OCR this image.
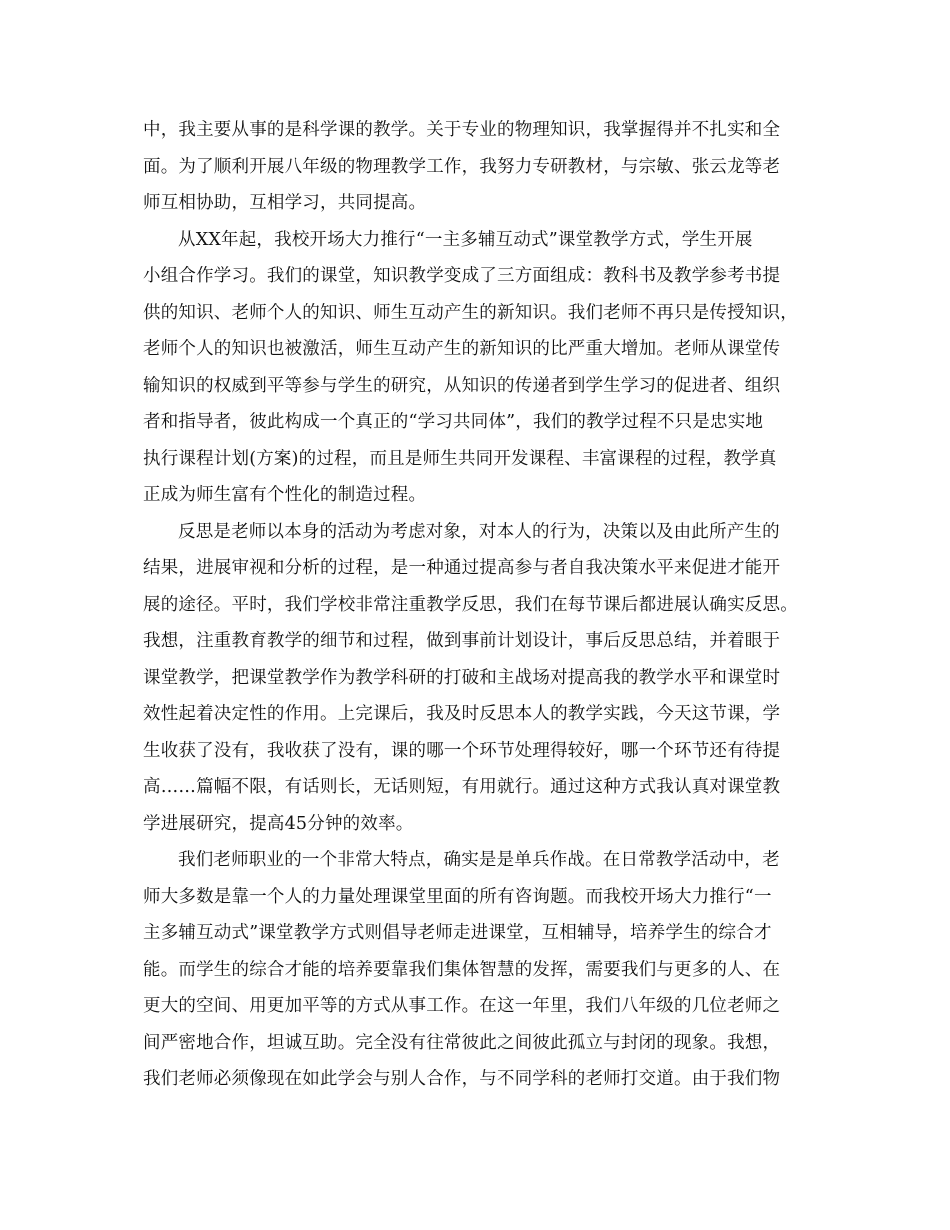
中，我主要从事的是科学课的教学。关于专业的物理知识，我掌握得并不扎实和全
面。为了顺利开展八年级的物理教学工作，我努力专研教材，与宗敏、张云龙等老
师互相协助，互相学习，共同提高。
从XX年起，我校开场大力推行“一主多辅互动式”课堂教学方式，学生开展
小组合作学习。我们的课堂，知识教学变成了三方面组成：教科书及教学参考书提
供的知识、老师个人的知识、师生互动产生的新知识。我们老师不再只是传授知识，
老师个人的知识也被激活，师生互动产生的新知识的比严重大增加。老师从课堂传
输知识的权威到平等参与学生的研究，从知识的传递者到学生学习的促进者、组织
者和指导者，彼此构成一个真正的“学习共同体”，我们的教学过程不只是忠实地
执行课程计划(方案)的过程，而且是师生共同开发课程、丰富课程的过程，教学真
正成为师生富有个性化的制造过程。
反思是老师以本身的活动为考虑对象，对本人的行为，决策以及由此所产生的
结果，进展审视和分析的过程，是一种通过提高参与者自我决策水平来促进才能开
展的途径。平时，我们学校非常注重教学反思，我们在每节课后都进展认确实反思。
我想，注重教育教学的细节和过程，做到事前计划设计，事后反思总结，并着眼于
课堂教学，把课堂教学作为教学科研的打破和主战场对提高我的教学水平和课堂时
效性起着决定性的作用。上完课后，我及时反思本人的教学实践，今天这节课，学
生收获了没有，我收获了没有，课的哪一个环节处理得较好，哪一个环节还有待提
高……篇幅不限，有话则长，无话则短，有用就行。通过这种方式我认真对课堂教
学进展研究，提高45分钟的效率。
我们老师职业的一个非常大特点，确实是是单兵作战。在日常教学活动中，老
师大多数是靠一个人的力量处理课堂里面的所有咨询题。而我校开场大力推行“一
主多辅互动式”课堂教学方式则倡导老师走进课堂，互相辅导，培养学生的综合才
能。而学生的综合才能的培养要靠我们集体智慧的发挥，需要我们与更多的人、在
更大的空间、用更加平等的方式从事工作。在这一年里，我们八年级的几位老师之
间严密地合作，坦诚互助。完全没有往常彼此之间彼此孤立与封闭的现象。我想，
我们老师必须像现在如此学会与别人合作，与不同学科的老师打交道。由于我们物
